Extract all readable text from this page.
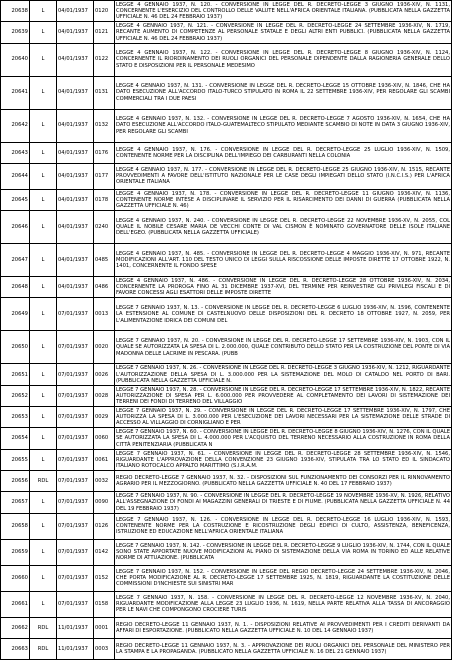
20638	L	04/01/1937	0120	LEGGE 4 GENNAIO 1937, N. 120. - CONVERSIONE IN LEGGE DEL R. DECRETO-LEGGE 3 GIUGNO 1936-XIV, N. 1131, CONCERNENTE L'ESERCIZIO DEL CONTROLLO DELLE VALUTE NELL'AFRICA ORIENTALE ITALIANA. (PUBBLICATA NELLA GAZZETTA UFFICIALE N. 46 DEL 24 FEBBRAIO 1937)
20639	L	04/01/1937	0121	LEGGE 4 GENNAIO 1937, N. 121. - CONVERSIONE IN LEGGE DEL R. DECRETO-LEGGE 24 SETTEMBRE 1936-XIV, N. 1719, RECANTE AUMENTO DI COMPETENZE AL PERSONALE STATALE E DEGLI ALTRI ENTI PUBBLICI. (PUBBLICATA NELLA GAZZETTA UFFICIALE N. 46 DEL 24 FEBBRAIO 1937)
20640	L	04/01/1937	0122	LEGGE 4 GENNAIO 1937, N. 122. - CONVERSIONE IN LEGGE DEL R. DECRETO-LEGGE 8 GIUGNO 1936-XIV, N. 1124, CONCERNENTE IL RIORDINAMENTO DEI RUOLI ORGANICI DEL PERSONALE DIPENDENTE DALLA RAGIONERIA GENERALE DELLO STATO E DISPOSIZIONI PER IL PERSONALE MEDESIMO
20641	L	04/01/1937	0131	LEGGE 4 GENNAIO 1937, N. 131. - CONVERSIONE IN LEGGE DEL R. DECRETO-LEGGE 15 OTTOBRE 1936-XIV, N. 1846, CHE HA DATO ESECUZIONE ALL'ACCORDO ITALO-TURCO STIPULATO IN ROMA IL 22 SETTEMBRE 1936-XIV, PER REGOLARE GLI SCAMBI COMMERCIALI TRA I DUE PAESI
20642	L	04/01/1937	0132	LEGGE 4 GENNAIO 1937, N. 132. - CONVERSIONE IN LEGGE DEL R. DECRETO-LEGGE 7 AGOSTO 1936-XIV, N. 1654, CHE HA DATO ESECUZIONE ALL'ACCORDO ITALO-GUATEMALTECO STIPULATO MEDIANTE SCAMBIO DI NOTE IN DATA 3 GIUGNO 1936-XIV, PER REGOLARE GLI SCAMBI
20643	L	04/01/1937	0176	LEGGE 4 GENNAIO 1937, N. 176. - CONVERSIONE IN LEGGE DEL R. DECRETO-LEGGE 25 LUGLIO 1936-XIV, N. 1509, CONTENENTE NORME PER LA DISCIPLINA DELL'IMPIEGO DEI CARBURANTI NELLA COLONIA
20644	L	04/01/1937	0177	LEGGE 4 GENNAIO 1937, N. 177. - CONVERSIONE IN LEGGE DEL R. DECRETO-LEGGE 25 GIUGNO 1936-XIV, N. 1515, RECANTE PROVVEDIMENTI A FAVORE DELL'ISTITUTO NAZIONALE PER LE CASE DEGLI IMPIEGATI DELLO STATO (I.N.C.I.S.) PER L'AFRICA ORIENTALE ITALIANA
20645	L	04/01/1937	0178	LEGGE 4 GENNAIO 1937, N. 178. - CONVERSIONE IN LEGGE DEL R. DECRETO-LEGGE 11 GIUGNO 1936-XIV, N. 1136, CONTENENTE NORME INTESE A DISCIPLINARE IL SERVIZIO PER IL RISARCIMENTO DEI DANNI DI GUERRA (PUBBLICATA NELLA GAZZETTA UFFICIALE N. 46)
20646	L	04/01/1937	0240	LEGGE 4 GENNAIO 1937, N. 240. - CONVERSIONE IN LEGGE DEL R. DECRETO-LEGGE 22 NOVEMBRE 1936-XV, N. 2055, COL QUALE IL NOBILE CESARE MARIA DE VECCHI CONTE DI VAL CISMON È NOMINATO GOVERNATORE DELLE ISOLE ITALIANE DELL'EGEO. (PUBBLICATA NELLA GAZZETTA UFFICIALE)
20647	L	04/01/1937	0485	LEGGE 4 GENNAIO 1937, N. 485. - CONVERSIONE IN LEGGE DEL R. DECRETO-LEGGE 4 MAGGIO 1936-XIV, N. 971, RECANTE MODIFICAZIONI ALL'ART. 110 DEL TESTO UNICO DI LEGGI SULLA RISCOSSIONE DELLE IMPOSTE DIRETTE 17 OTTOBRE 1922, N. 1401, CONCERNENTE IL FONDO SPESE
20648	L	04/01/1937	0486	LEGGE 4 GENNAIO 1937, N. 486. - CONVERSIONE IN LEGGE DEL R. DECRETO-LEGGE 28 OTTOBRE 1936-XIV, N. 2034, CONCERNENTE LA PROROGA FINO AL 31 DICEMBRE 1937-XVI, DEL TERMINE PER REINVESTIRE GLI PRIVILEGI FISCALI E DI FAVORE CONCESSI AGLI ESATTORI DELLE IMPOSTE DIRETTE
20649	L	07/01/1937	0013	LEGGE 7 GENNAIO 1937, N. 13. - CONVERSIONE IN LEGGE DEL R. DECRETO-LEGGE 6 LUGLIO 1936-XIV, N. 1596, CONTENENTE LA ESTENSIONE AL COMUNE DI CASTELNUOVO DELLE DISPOSIZIONI DEL R. DECRETO 18 OTTOBRE 1927, N. 2059, PER L'ALIMENTAZIONE IDRICA DEI COMUNI DEL
20650	L	07/01/1937	0020	LEGGE 7 GENNAIO 1937, N. 20. - CONVERSIONE IN LEGGE DEL R. DECRETO-LEGGE 17 SETTEMBRE 1936-XIV, N. 1903, CON IL QUALE SE AUTORIZZATA LA SPESA DI L. 2.000.000, QUALE CONTRIBUTO DELLO STATO PER LA COSTRUZIONE DEL PONTE DI VIA MADONNA DELLE LACRIME IN PESCARA. (PUBB
20651	L	07/01/1937	0026	LEGGE 7 GENNAIO 1937, N. 26. - CONVERSIONE IN LEGGE DEL R. DECRETO-LEGGE 3 GIUGNO 1936-XIV, N. 1212, RIGUARDANTE L'AUTORIZZAZIONE DELLA SPESA DI L. 3.000.000 PER LA SISTEMAZIONE DEL MOLO DI CATALDO NEL PORTO DI BARI. (PUBBLICATA NELLA GAZZETTA UFFICIALE N.
20652	L	07/01/1937	0028	LEGGE 7 GENNAIO 1937, N. 28. - CONVERSIONE IN LEGGE DEL R. DECRETO-LEGGE 17 SETTEMBRE 1936-XIV, N. 1822, RECANTE AUTORIZZAZIONE DI SPESA PER L. 6.000.000 PER PROVVEDERE AL COMPLETAMENTO DEI LAVORI DI SISTEMAZIONE DEI TERRENI DEI FONDI DI TERRENO DEL VILLAGGIO
20653	L	07/01/1937	0029	LEGGE 7 GENNAIO 1937, N. 29. - CONVERSIONE IN LEGGE DEL R. DECRETO-LEGGE 17 SETTEMBRE 1936-XIV, N. 1797, CHE AUTORIZZA LA SPESA DI L. 3.000.000 PER L'ESECUZIONE DEI LAVORI NECESSARI PER LA SISTEMAZIONE DELLE STRADE DI ACCESSO AL VILLAGGIO DI CORNIGLIANO E PER
20654	L	07/01/1937	0060	LEGGE 7 GENNAIO 1937, N. 60. - CONVERSIONE IN LEGGE DEL R. DECRETO-LEGGE 8 GIUGNO 1936-XIV, N. 1276, CON IL QUALE SE AUTORIZZATA LA SPESA DI L. 4.000.000 PER L'ACQUISTO DEL TERRENO NECESSARIO ALLA COSTRUZIONE IN ROMA DELLA CITTÀ PENITENZIARIA (PUBBLICATA N
20655	L	07/01/1937	0061	LEGGE 7 GENNAIO 1937, N. 61. - CONVERSIONE IN LEGGE DEL R. DECRETO-LEGGE 28 SETTEMBRE 1936-XIV, N. 1546, RIGUARDANTE L'APPROVAZIONE DELLA CONVENZIONE 23 GIUGNO 1936-XIV, STIPULATA TRA LO STATO ED IL SINDACATO ITALIANO ROTOCALCO APPALTO MARITTIMO (S.I.R.A.M.
20656	RDL	07/01/1937	0032	REGIO DECRETO-LEGGE 7 GENNAIO 1937, N. 32. - DISPOSIZIONI SUL FUNZIONAMENTO DEI CONSORZI PER IL RINNOVAMENTO AGRARIO PER IL MEZZOGIORNO. (PUBBLICATO NELLA GAZZETTA UFFICIALE N. 40 DEL 17 FEBBRAIO 1937)
20657	L	07/01/1937	0090	LEGGE 7 GENNAIO 1937, N. 90. - CONVERSIONE IN LEGGE DEL R. DECRETO-LEGGE 19 NOVEMBRE 1936-XV, N. 1926, RELATIVO ALL'ASSEGNAZIONE DI FONDI AI MAGAZZINI GENERALI DI TRIESTE E DI FIUME. (PUBBLICATA NELLA GAZZETTA UFFICIALE N. 44 DEL 19 FEBBRAIO 1937)
20658	L	07/01/1937	0126	LEGGE 7 GENNAIO 1937, N. 126. - CONVERSIONE IN LEGGE DEL R. DECRETO-LEGGE 16 LUGLIO 1936-XIV, N. 1593, CONTENENTE NORME PER LA COSTRUZIONE E RICOSTRUZIONE DEGLI EDIFICI DI CULTO, ASSISTENZA, BENEFICENZA, ISTRUZIONE ED EDUCAZIONE NELL'AFRICA ORIENTALE ITALIANA
20659	L	07/01/1937	0142	LEGGE 7 GENNAIO 1937, N. 142. - CONVERSIONE IN LEGGE DEL R. DECRETO-LEGGE 9 LUGLIO 1936-XIV, N. 1744, CON IL QUALE SONO STATE APPORTATE NUOVE MODIFICAZIONI AL PIANO DI SISTEMAZIONE DELLA VIA ROMA IN TORINO ED ALLE RELATIVE NORME DI ATTUAZIONE. (PUBBLICATA
20660	L	07/01/1937	0152	LEGGE 7 GENNAIO 1937, N. 152. - CONVERSIONE IN LEGGE DEL REGIO DECRETO-LEGGE 24 SETTEMBRE 1936-XIV, N. 2046, CHE PORTA MODIFICAZIONE AL R. DECRETO-LEGGE 17 SETTEMBRE 1925, N. 1819, RIGUARDANTE LA COSTITUZIONE DELLE COMMISSIONI D'INCHIESTE SUI SINISTRI MAR
20661	L	07/01/1937	0158	LEGGE 7 GENNAIO 1937, N. 158. - CONVERSIONE IN LEGGE DEL R. DECRETO-LEGGE 12 NOVEMBRE 1936-XV, N. 2040, RIGUARDANTE MODIFICAZIONE ALLA LEGGE 23 LUGLIO 1936, N. 1619, NELLA PARTE RELATIVA ALLA TASSA DI ANCORAGGIO PER LE NAVI CHE COMPONGONO CROCIERE TURIS
20662	RDL	11/01/1937	0001	REGIO DECRETO-LEGGE 11 GENNAIO 1937, N. 1. - DISPOSIZIONI RELATIVE AI PROVVEDIMENTI PER I CREDITI DERIVANTI DA AFFARI DI ESPORTAZIONE. (PUBBLICATO NELLA GAZZETTA UFFICIALE N. 10 DEL 14 GENNAIO 1937)
20663	RDL	11/01/1937	0003	REGIO DECRETO-LEGGE 11 GENNAIO 1937, N. 3. - APPROVAZIONE DEI RUOLI ORGANICI DEL PERSONALE DEL MINISTERO PER LA STAMPA E LA PROPAGANDA. (PUBBLICATO NELLA GAZZETTA UFFICIALE N. 16 DEL 21 GENNAIO 1937)
